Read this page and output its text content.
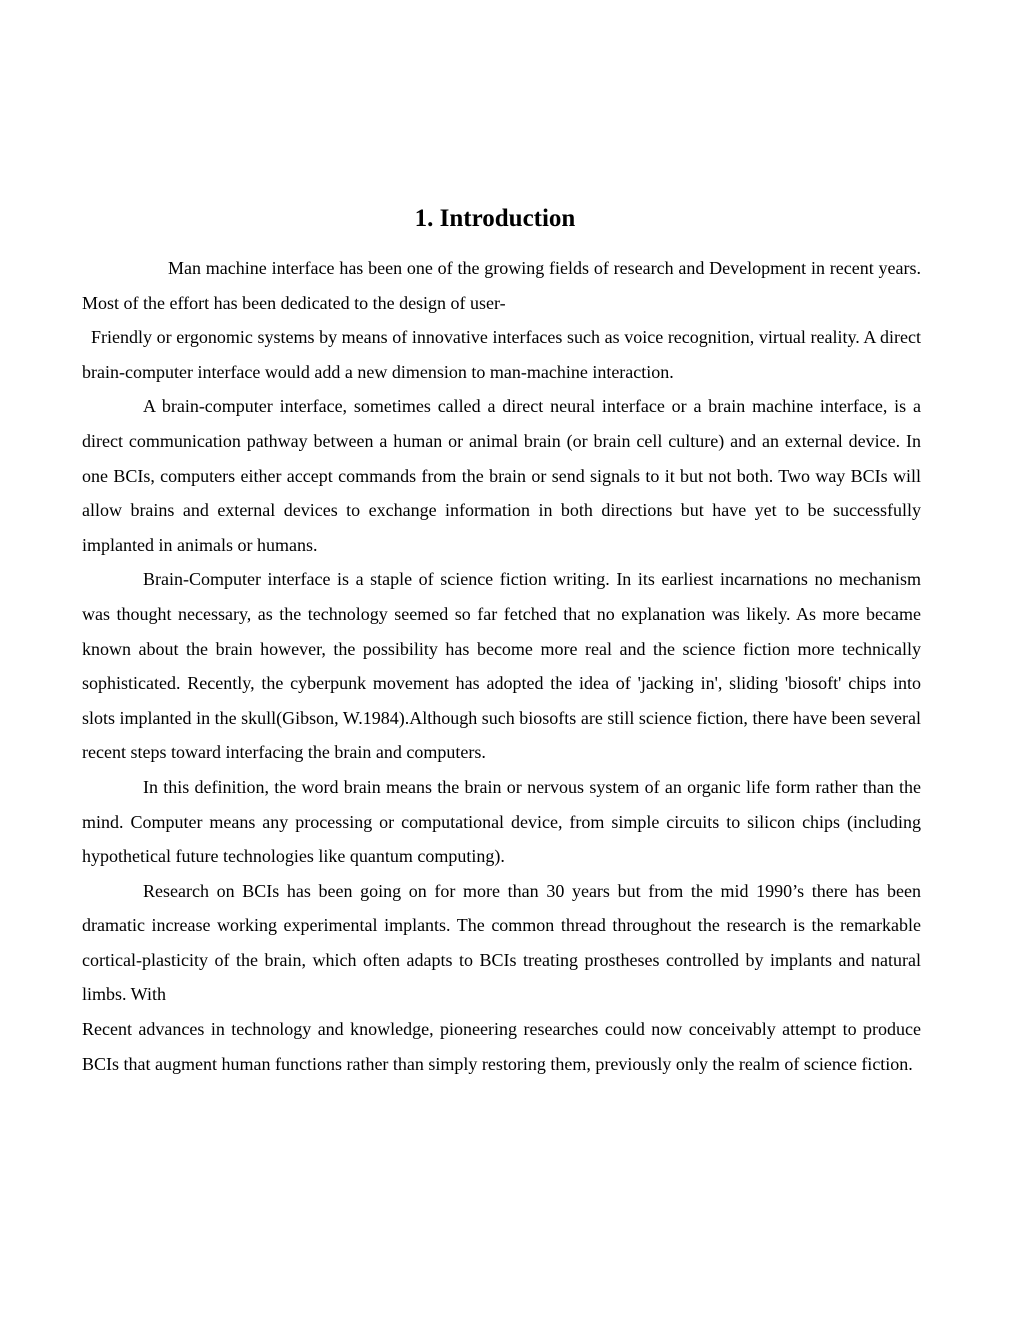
1. Introduction

Man machine interface has been one of the growing fields of research and Development in recent years. Most of the effort has been dedicated to the design of user-

Friendly or ergonomic systems by means of innovative interfaces such as voice recognition, virtual reality. A direct brain-computer interface would add a new dimension to man-machine interaction.

A brain-computer interface, sometimes called a direct neural interface or a brain machine interface, is a direct communication pathway between a human or animal brain (or brain cell culture) and an external device. In one BCIs, computers either accept commands from the brain or send signals to it but not both. Two way BCIs will allow brains and external devices to exchange information in both directions but have yet to be successfully implanted in animals or humans.

Brain-Computer interface is a staple of science fiction writing. In its earliest incarnations no mechanism was thought necessary, as the technology seemed so far fetched that no explanation was likely. As more became known about the brain however, the possibility has become more real and the science fiction more technically sophisticated. Recently, the cyberpunk movement has adopted the idea of 'jacking in', sliding 'biosoft' chips into slots implanted in the skull(Gibson, W.1984).Although such biosofts are still science fiction, there have been several recent steps toward interfacing the brain and computers.

In this definition, the word brain means the brain or nervous system of an organic life form rather than the mind. Computer means any processing or computational device, from simple circuits to silicon chips (including hypothetical future technologies like quantum computing).

Research on BCIs has been going on for more than 30 years but from the mid 1990’s there has been dramatic increase working experimental implants. The common thread throughout the research is the remarkable cortical-plasticity of the brain, which often adapts to BCIs treating prostheses controlled by implants and natural limbs. With

Recent advances in technology and knowledge, pioneering researches could now conceivably attempt to produce BCIs that augment human functions rather than simply restoring them, previously only the realm of science fiction.
